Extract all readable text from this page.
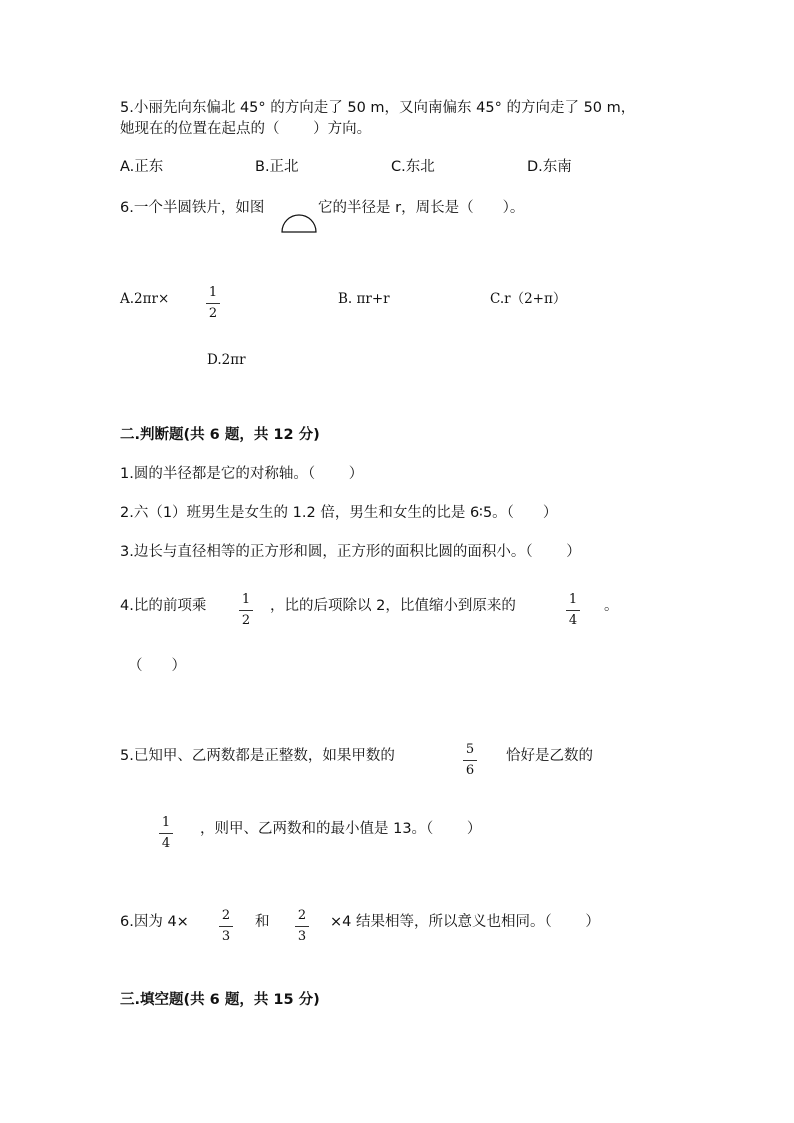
5.小丽先向东偏北 45° 的方向走了 50 m，又向南偏东 45° 的方向走了 50 m，
她现在的位置在起点的（　　 ）方向。
A.正东	B.正北	C.东北	D.东南
6.一个半圆铁片，如图	它的半径是 r，周长是（　　）。
A.2πr×	1
2
B. πr+r	C.r（2+π）
D.2πr
二.判断题(共 6 题，共 12 分)
1.圆的半径都是它的对称轴。（　　 ）
2.六（1）班男生是女生的 1.2 倍，男生和女生的比是 6∶5。（　　）
3.边长与直径相等的正方形和圆，正方形的面积比圆的面积小。（　　 ）
4.比的前项乘	1
2
，比的后项除以 2，比值缩小到原来的	1
4
。
（　　）
5.已知甲、乙两数都是正整数，如果甲数的	5
6
恰好是乙数的
1
4
，则甲、乙两数和的最小值是 13。（　　 ）
6.因为 4×	2
3
和	2
3
×4 结果相等，所以意义也相同。（　　 ）
三.填空题(共 6 题，共 15 分)
